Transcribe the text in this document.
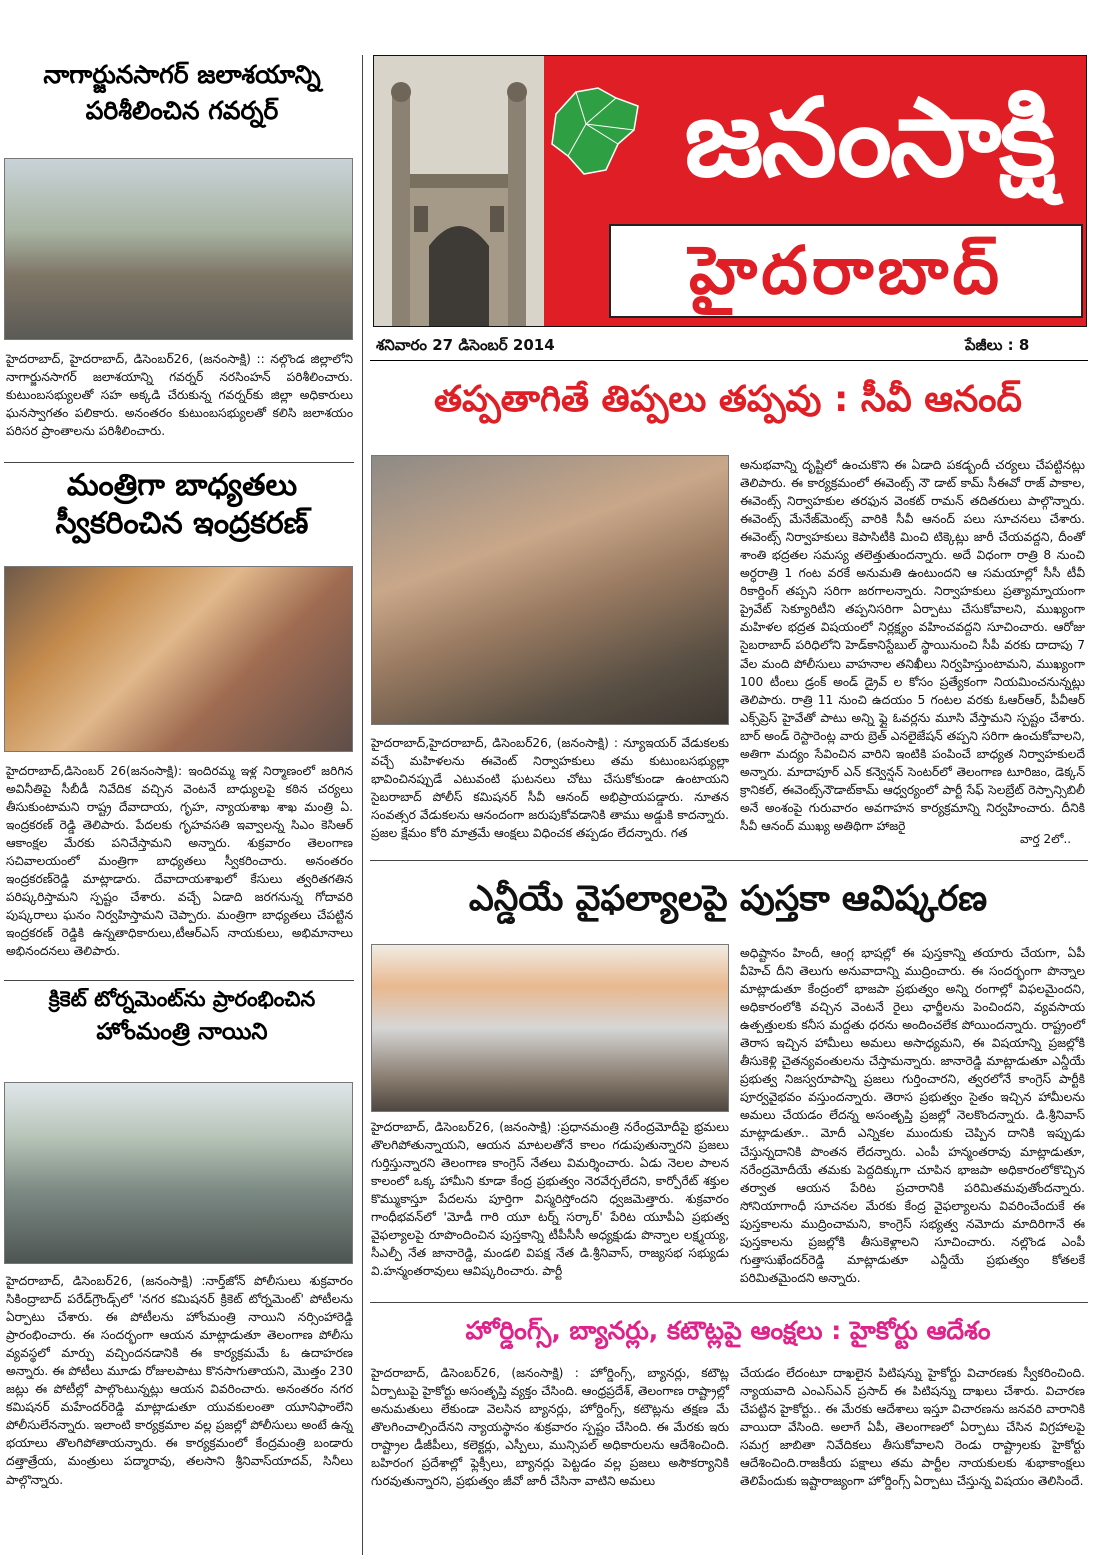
నాగార్జునసాగర్ జలాశయాన్ని
పరిశీలించిన గవర్నర్
హైదరాబాద్, హైదరాబాద్, డిసెంబర్26, (జనంసాక్షి) :: నల్గొండ జిల్లాలోని నాగార్జునసాగర్ జలాశయాన్ని గవర్నర్ నరసింహన్ పరిశీలించారు. కుటుంబసభ్యులతో సహ అక్కడి చేరుకున్న గవర్నర్‌కు జిల్లా అధికారులు ఘనస్వాగతం పలికారు. అనంతరం కుటుంబసభ్యులతో కలిసి జలాశయం పరిసర ప్రాంతాలను పరిశీలించారు.
మంత్రిగా బాధ్యతలు
స్వీకరించిన ఇంద్రకరణ్
హైదరాబాద్,డిసెంబర్ 26(జనంసాక్షి): ఇందిరమ్మ ఇళ్ల నిర్మాణంలో జరిగిన అవినీతిపై సీబీడీ నివేదిక వచ్చిన వెంటనే బాధ్యులపై కఠిన చర్యలు తీసుకుంటామని రాష్ట్ర దేవాదాయ, గృహ, న్యాయశాఖ శాఖ మంత్రి ఏ. ఇంద్రకరణ్ రెడ్డి తెలిపారు. పేదలకు గృహవసతి ఇవ్వాలన్న సిఎం కెసిఆర్ ఆకాంక్షల మేరకు పనిచేస్తామని అన్నారు. శుక్రవారం తెలంగాణ సచివాలయంలో మంత్రిగా బాధ్యతలు స్వీకరించారు. అనంతరం ఇంద్రకరణ్‌రెడ్డి మాట్లాడారు. దేవాదాయశాఖలో కేసులు త్వరితగతిన పరిష్కరిస్తామని స్పష్టం చేశారు. వచ్చే ఏడాది జరగనున్న గోదావరి పుష్కరాలు ఘనం నిర్వహిస్తామని చెప్పారు. మంత్రిగా బాధ్యతలు చేపట్టిన ఇంద్రకరణ్ రెడ్డికి ఉన్నతాధికారులు,టీఆర్‌ఎస్ నాయకులు, అభిమానాలు అభినందనలు తెలిపారు.
క్రికెట్ టోర్నమెంట్‌ను ప్రారంభించిన
హోంమంత్రి నాయిని
హైదరాబాద్, డిసెంబర్26, (జనంసాక్షి) :నార్త్‌జోన్ పోలీసులు శుక్రవారం సికింద్రాబాద్ పరేడ్‌గ్రౌండ్స్‌లో 'నగర కమిషనర్ క్రికెట్ టోర్నమెంట్' పోటీలను ఏర్పాటు చేశారు. ఈ పోటీలను హోంమంత్రి నాయిని నర్సింహారెడ్డి ప్రారంభించారు. ఈ సందర్భంగా ఆయన మాట్లాడుతూ తెలంగాణ పోలీసు వ్యవస్థలో మార్పు వచ్చిందనడానికి ఈ కార్యక్రమమే ఓ ఉదాహరణ అన్నారు. ఈ పోటీలు మూడు రోజులపాటు కొనసాగుతాయని, మొత్తం 230 జట్లు ఈ పోటీల్లో పాల్గొంటున్నట్లు ఆయన వివరించారు. అనంతరం నగర కమిషనర్ మహేందర్‌రెడ్డి మాట్లాడుతూ యువకులంతా యూనిఫాంలేని పోలీసులేనన్నారు. ఇలాంటి కార్యక్రమాల వల్ల ప్రజల్లో పోలీసులు అంటే ఉన్న భయాలు తొలగిపోతాయన్నారు. ఈ కార్యక్రమంలో కేంద్రమంత్రి బండారు దత్తాత్రేయ, మంత్రులు పద్మారావు, తలసాని శ్రీనివాస్‌యాదవ్, సినీలు పాల్గొన్నారు.
జనంసాక్షి
హైదరాబాద్
శనివారం 27 డిసెంబర్ 2014	పేజీలు : 8
తప్పతాగితే తిప్పలు తప్పవు : సీవీ ఆనంద్
హైదరాబాద్,హైదరాబాద్, డిసెంబర్26, (జనంసాక్షి) : న్యూఇయర్ వేడుకలకు వచ్చే మహిళలను ఈవెంట్ నిర్వాహకులు తమ కుటుంబసభ్యుల్లా భావించినప్పుడే ఎటువంటి ఘటనలు చోటు చేసుకోకుండా ఉంటాయని సైబరాబాద్ పోలీస్ కమిషనర్ సీవీ ఆనంద్ అభిప్రాయపడ్డారు. నూతన సంవత్సర వేడుకలను ఆనందంగా జరుపుకోవడానికి తాము అడ్డుకి కాదన్నారు. ప్రజల క్షేమం కోరి మాత్రమే ఆంక్షలు విధించక తప్పడం లేదన్నారు. గత
అనుభవాన్ని దృష్టిలో ఉంచుకొని ఈ ఏడాది పకడ్బందీ చర్యలు చేపట్టినట్లు తెలిపారు. ఈ కార్యక్రమంలో ఈవెంట్స్ నౌ డాట్ కామ్ సీఈవో రాజ్ పాకాల, ఈవెంట్స్ నిర్వాహకుల తరఫున వెంకట్ రామన్ తదితరులు పాల్గొన్నారు. ఈవెంట్స్ మేనేజ్‌మెంట్స్ వారికి సీవీ ఆనంద్ పలు సూచనలు చేశారు. ఈవెంట్స్ నిర్వాహకులు కెపాసిటీకి మించి టిక్కెట్లు జారీ చేయవద్దని, దీంతో శాంతి భద్రతల సమస్య తలెత్తుతుందన్నారు. అదే విధంగా రాత్రి 8 నుంచి అర్ధరాత్రి 1 గంట వరకే అనుమతి ఉంటుందని ఆ సమయాల్లో సీసీ టీవీ రికార్డింగ్ తప్పని సరిగా జరగాలన్నారు. నిర్వాహకులు ప్రత్యామ్నాయంగా ప్రైవేట్ సెక్యూరిటీని తప్పనిసరిగా ఏర్పాటు చేసుకోవాలని, ముఖ్యంగా మహిళల భద్రత విషయంలో నిర్లక్ష్యం వహించవద్దని సూచించారు. ఆరోజు సైబరాబాద్ పరిధిలోని హెడ్‌కానిస్టేబుల్ స్థాయినుంచి సీపీ వరకు దాదాపు 7 వేల మంది పోలీసులు వాహనాల తనిఖీలు నిర్వహిస్తుంటామని, ముఖ్యంగా 100 టీంలు డ్రంక్ అండ్ డ్రైవ్ ల కోసం ప్రత్యేకంగా నియమించనున్నట్లు తెలిపారు. రాత్రి 11 నుంచి ఉదయం 5 గంటల వరకు ఓఆర్ఆర్, పీవీఆర్ ఎక్స్‌ప్రెస్ హైవేతో పాటు అన్ని ఫ్లై ఓవర్లను మూసి వేస్తామని స్పష్టం చేశారు. బార్ అండ్ రెస్టారెంట్ల వారు బ్రెత్ ఎనలైజేషన్ తప్పని సరిగా ఉంచుకోవాలని, అతిగా మద్యం సేవించిన వారిని ఇంటికి పంపించే బాధ్యత నిర్వాహకులదే అన్నారు. మాదాపూర్ ఎన్ కన్వెన్షన్ సెంటర్‌లో తెలంగాణ టూరిజం, డెక్కన్ క్రానికల్, ఈవెంట్స్‌నౌడాట్‌కామ్ ఆధ్వర్యంలో పార్టీ సేఫ్ సెలబ్రేట్ రెస్పాన్సిబిలీ అనే అంశంపై గురువారం అవగాహన కార్యక్రమాన్ని నిర్వహించారు. దీనికి సీవీ ఆనంద్ ముఖ్య అతిథిగా హాజరై
వార్త 2లో..
ఎన్డీయే వైఫల్యాలపై పుస్తకా ఆవిష్కరణ
హైదరాబాద్, డిసెంబర్26, (జనంసాక్షి) :ప్రధానమంత్రి నరేంద్రమోదీపై భ్రమలు తొలగిపోతున్నాయని, ఆయన మాటలతోనే కాలం గడుపుతున్నారని ప్రజలు గుర్తిస్తున్నారని తెలంగాణ కాంగ్రెస్ నేతలు విమర్శించారు. ఏడు నెలల పాలన కాలంలో ఒక్క హామీని కూడా కేంద్ర ప్రభుత్వం నెరవేర్చలేదని, కార్పోరేట్ శక్తుల కొమ్ముకాస్తూ పేదలను పూర్తిగా విస్మరిస్తోందని ధ్వజమెత్తారు. శుక్రవారం గాంధీభవన్‌లో 'మోడీ గారి యూ టర్న్ సర్కార్' పేరిట యూపీఏ ప్రభుత్వ వైఫల్యాలపై రూపొందించిన పుస్తకాన్ని టీపీసీసీ అధ్యక్షుడు పొన్నాల లక్ష్మయ్య, సీఎల్పీ నేత జానారెడ్డి, మండలి విపక్ష నేత డి.శ్రీనివాస్, రాజ్యసభ సభ్యుడు వి.హన్మంతరావులు ఆవిష్కరించారు. పార్టీ
అధిష్టానం హిందీ, ఆంగ్ల భాషల్లో ఈ పుస్తకాన్ని తయారు చేయగా, ఏపీ వీహెచ్ దీని తెలుగు అనువాదాన్ని ముద్రించారు. ఈ సందర్భంగా పొన్నాల మాట్లాడుతూ కేంద్రంలో భాజపా ప్రభుత్వం అన్ని రంగాల్లో విఫలమైందని, అధికారంలోకి వచ్చిన వెంటనే రైలు ఛార్జీలను పెంచిందని, వ్యవసాయ ఉత్పత్తులకు కనీస మద్దతు ధరను అందించలేక పోయిందన్నారు. రాష్ట్రంలో తెరాస ఇచ్చిన హామీలు అమలు అసాధ్యమని, ఈ విషయాన్ని ప్రజల్లోకి తీసుకెళ్లి చైతన్యవంతులను చేస్తామన్నారు. జానారెడ్డి మాట్లాడుతూ ఎన్డీయే ప్రభుత్వ నిజస్వరూపాన్ని ప్రజలు గుర్తించారని, త్వరలోనే కాంగ్రెస్ పార్టీకి పూర్వవైభవం వస్తుందన్నారు. తెరాస ప్రభుత్వం సైతం ఇచ్చిన హామీలను అమలు చేయడం లేదన్న అసంతృప్తి ప్రజల్లో నెలకొందన్నారు. డి.శ్రీనివాస్ మాట్లాడుతూ.. మోదీ ఎన్నికల ముందుకు చెప్పిన దానికి ఇప్పుడు చేస్తున్నదానికి పొంతన లేదన్నారు. ఎంపీ హన్మంతరావు మాట్లాడుతూ, నరేంద్రమోదీయే తమకు పెద్దదిక్కుగా చూపిన భాజపా అధికారంలోకొచ్చిన తర్వాత ఆయన పేరిట ప్రచారానికి పరిమితమవుతోందన్నారు. సోనియాగాంధీ సూచనల మేరకు కేంద్ర వైఫల్యాలను వివరించేందుకే ఈ పుస్తకాలను ముద్రించామని, కాంగ్రెస్ సభ్యత్వ నమోదు మాదిరిగానే ఈ పుస్తకాలను ప్రజల్లోకి తీసుకెళ్లాలని సూచించారు. నల్లొండ ఎంపీ గుత్తాసుఖేందర్‌రెడ్డి మాట్లాడుతూ ఎన్డీయే ప్రభుత్వం కోతలకే పరిమితమైందని అన్నారు.
హోర్డింగ్స్, బ్యానర్లు, కటౌట్లపై ఆంక్షలు : హైకోర్టు ఆదేశం
హైదరాబాద్, డిసెంబర్26, (జనంసాక్షి) : హోర్డింగ్స్, బ్యానర్లు, కటౌట్ల ఏర్పాటుపై హైకోర్టు అసంతృప్తి వ్యక్తం చేసింది. ఆంధ్రప్రదేశ్, తెలంగాణ రాష్ట్రాల్లో అనుమతులు లేకుండా వెలసిన బ్యానర్లు, హోర్డింగ్స్, కటౌట్లను తక్షణ మే తొలగించాల్సిందేనని న్యాయస్థానం శుక్రవారం స్పష్టం చేసింది. ఈ మేరకు ఇరు రాష్ట్రాల డీజీపీలు, కలెక్టర్లు, ఎస్పీలు, మున్సిపల్ అధికారులను ఆదేశించింది. బహిరంగ ప్రదేశాల్లో ఫ్లెక్సీలు, బ్యానర్లు పెట్టడం వల్ల ప్రజలు అసౌకర్యానికి గురవుతున్నారని, ప్రభుత్వం జీవో జారీ చేసినా వాటిని అమలు
చేయడం లేదంటూ దాఖలైన పిటిషన్ను హైకోర్టు విచారణకు స్వీకరించింది. న్యాయవాది ఎంఎస్ఎన్ ప్రసాద్ ఈ పిటిషన్ను దాఖలు చేశారు. విచారణ చేపట్టిన హైకోర్టు.. ఈ మేరకు ఆదేశాలు ఇస్తూ విచారణను జనవరి వారానికి వాయిదా వేసింది. అలాగే ఏపీ, తెలంగాణలో ఏర్పాటు చేసిన విగ్రహాలపై సమగ్ర జాబితా నివేదికలు తీసుకోవాలని రెండు రాష్ట్రాలకు హైకోర్టు ఆదేశించింది.రాజకీయ పక్షాలు తమ పార్టీల నాయకులకు శుభాకాంక్షలు తెలిపేందుకు ఇష్టారాజ్యంగా హోర్డింగ్స్ ఏర్పాటు చేస్తున్న విషయం తెలిసిందే.
